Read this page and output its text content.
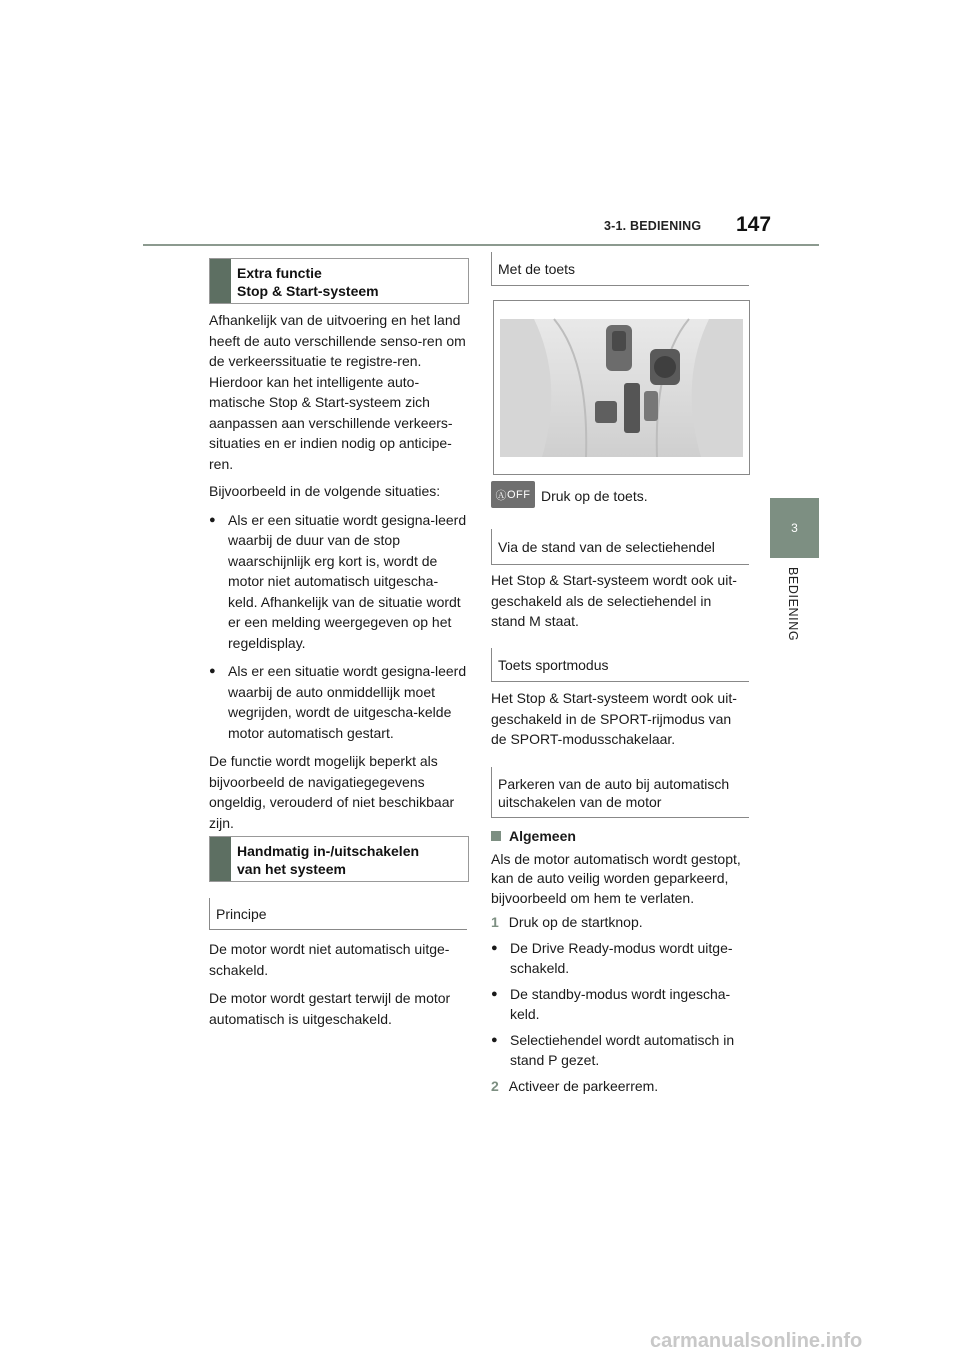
3-1. BEDIENING 147
3
BEDIENING
Extra functie
Stop & Start-systeem

Afhankelijk van de uitvoering en het land heeft de auto verschillende senso-ren om de verkeerssituatie te registre-ren. Hierdoor kan het intelligente auto-matische Stop & Start-systeem zich aanpassen aan verschillende verkeers-situaties en er indien nodig op anticipe-ren.

Bijvoorbeeld in de volgende situaties:

● Als er een situatie wordt gesigna-leerd waarbij de duur van de stop waarschijnlijk erg kort is, wordt de motor niet automatisch uitgescha-keld. Afhankelijk van de situatie wordt er een melding weergegeven op het regeldisplay.

● Als er een situatie wordt gesigna-leerd waarbij de auto onmiddellijk moet wegrijden, wordt de uitgescha-kelde motor automatisch gestart.

De functie wordt mogelijk beperkt als bijvoorbeeld de navigatiegegevens ongeldig, verouderd of niet beschikbaar zijn.

Handmatig in-/uitschakelen
van het systeem
Principe

De motor wordt niet automatisch uitge-schakeld.

De motor wordt gestart terwijl de motor automatisch is uitgeschakeld.

Met de toets
Ⓐ OFF Druk op de toets.
Via de stand van de selectiehendel
Het Stop & Start-systeem wordt ook uit-geschakeld als de selectiehendel in stand M staat.
Toets sportmodus
Het Stop & Start-systeem wordt ook uit-geschakeld in de SPORT-rijmodus van de SPORT-modusschakelaar.
Parkeren van de auto bij automatisch
uitschakelen van de motor

Algemeen

Als de motor automatisch wordt gestopt, kan de auto veilig worden geparkeerd, bijvoorbeeld om hem te verlaten.

1 Druk op de startknop.

● De Drive Ready-modus wordt uitge-schakeld.

● De standby-modus wordt ingescha-keld.

● Selectiehendel wordt automatisch in stand P gezet.

2 Activeer de parkeerrem.

carmanualsonline.info
